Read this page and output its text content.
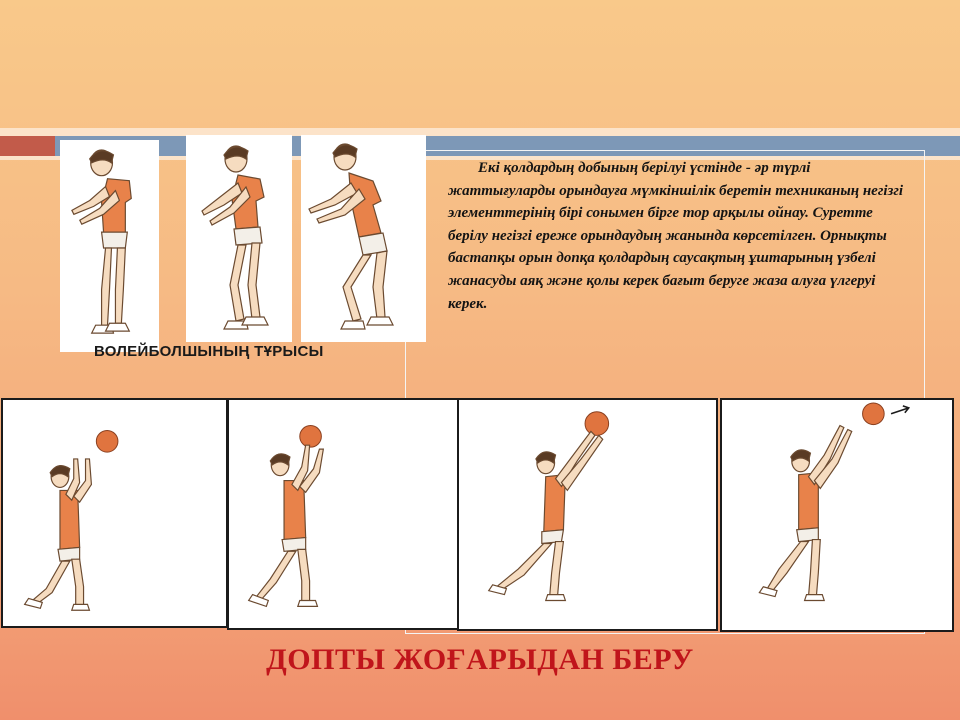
ВОЛЕЙБОЛШЫНЫҢ ТҰРЫСЫ

Екі қолдардың добының берілуі үстінде - әр түрлі жаттығуларды орындауға мүмкіншілік беретін техниканың негізгі элементтерінің бірі сонымен бірге тор арқылы ойнау. Суретте берілу негізгі ереже орындаудың жанында көрсетілген. Орнықты бастапқы орын допқа қолдардың саусақтың ұштарының үзбелі жанасуды аяқ және қолы керек бағыт беруге жаза алуға үлгеруі керек.

ДОПТЫ ЖОҒАРЫДАН БЕРУ
